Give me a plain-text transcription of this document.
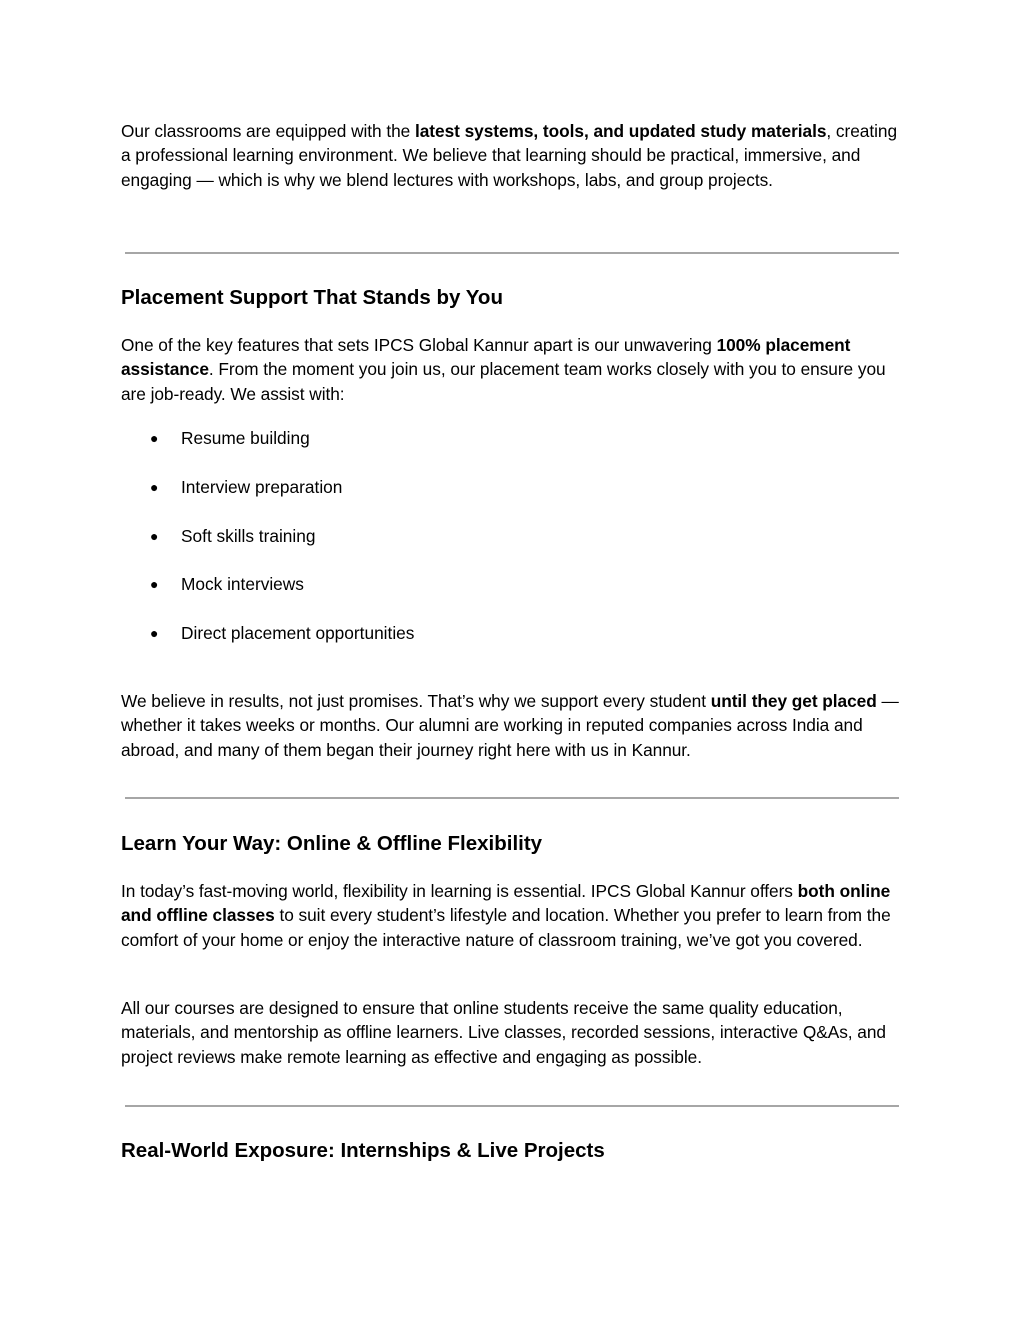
Our classrooms are equipped with the latest systems, tools, and updated study materials, creating a professional learning environment. We believe that learning should be practical, immersive, and engaging — which is why we blend lectures with workshops, labs, and group projects.

Placement Support That Stands by You

One of the key features that sets IPCS Global Kannur apart is our unwavering 100% placement assistance. From the moment you join us, our placement team works closely with you to ensure you are job-ready. We assist with:

● Resume building
● Interview preparation
● Soft skills training
● Mock interviews
● Direct placement opportunities

We believe in results, not just promises. That’s why we support every student until they get placed — whether it takes weeks or months. Our alumni are working in reputed companies across India and abroad, and many of them began their journey right here with us in Kannur.

Learn Your Way: Online & Offline Flexibility

In today’s fast-moving world, flexibility in learning is essential. IPCS Global Kannur offers both online and offline classes to suit every student’s lifestyle and location. Whether you prefer to learn from the comfort of your home or enjoy the interactive nature of classroom training, we’ve got you covered.

All our courses are designed to ensure that online students receive the same quality education, materials, and mentorship as offline learners. Live classes, recorded sessions, interactive Q&As, and project reviews make remote learning as effective and engaging as possible.

Real-World Exposure: Internships & Live Projects
